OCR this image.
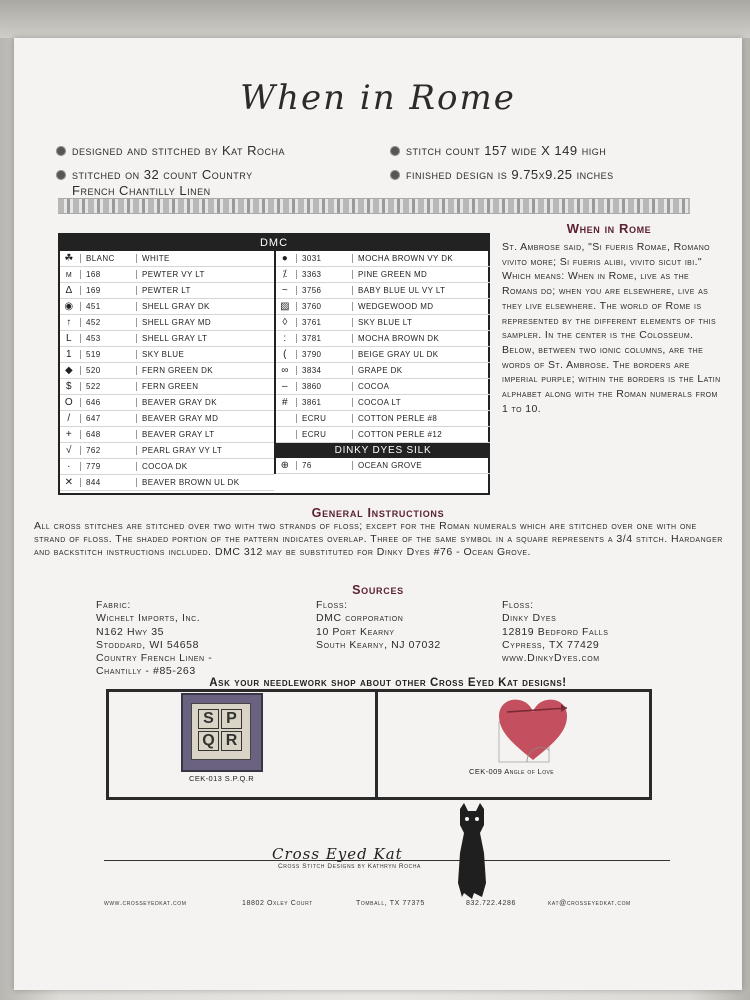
When in Rome
designed and stitched by Kat Rocha	stitch count 157 wide X 149 high
stitched on 32 count Country
French Chantilly Linen
finished design is 9.75x9.25 inches
DMC
☘	BLANC	WHITE
m	168	PEWTER VY LT
Δ	169	PEWTER LT
◉	451	SHELL GRAY DK
↑	452	SHELL GRAY MD
L	453	SHELL GRAY LT
1	519	SKY BLUE
◆	520	FERN GREEN DK
$	522	FERN GREEN
O	646	BEAVER GRAY DK
/	647	BEAVER GRAY MD
+	648	BEAVER GRAY LT
√	762	PEARL GRAY VY LT
·	779	COCOA DK
✕	844	BEAVER BROWN UL DK
●	3031	MOCHA BROWN VY DK
⁒	3363	PINE GREEN MD
~	3756	BABY BLUE UL VY LT
▨	3760	WEDGEWOOD MD
◊	3761	SKY BLUE LT
:	3781	MOCHA BROWN DK
(	3790	BEIGE GRAY UL DK
∞	3834	GRAPE DK
–	3860	COCOA
#	3861	COCOA LT
ECRU	COTTON PERLE #8
ECRU	COTTON PERLE #12
DINKY DYES SILK
⊕	76	OCEAN GROVE
When in Rome
St. Ambrose said, "Si fueris Romae, Romano vivito more; Si fueris alibi, vivito sicut ibi." Which means: When in Rome, live as the Romans do; when you are elsewhere, live as they live elsewhere. The world of Rome is represented by the different elements of this sampler. In the center is the Colosseum. Below, between two ionic columns, are the words of St. Ambrose. The borders are imperial purple; within the borders is the Latin alphabet along with the Roman numerals from 1 to 10.
General Instructions
All cross stitches are stitched over two with two strands of floss; except for the Roman numerals which are stitched over one with one strand of floss. The shaded portion of the pattern indicates overlap. Three of the same symbol in a square represents a 3/4 stitch. Hardanger and backstitch instructions included. DMC 312 may be substituted for Dinky Dyes #76 - Ocean Grove.
Sources
Fabric:
Wichelt Imports, Inc.
N162 Hwy 35
Stoddard, WI 54658
Country French Linen -
Chantilly - #85-263
Floss:
DMC corporation
10 Port Kearny
South Kearny, NJ 07032
Floss:
Dinky Dyes
12819 Bedford Falls
Cypress, TX 77429
www.DinkyDyes.com
Ask your needlework shop about other Cross Eyed Kat designs!
S P
Q R
CEK-013 S.P.Q.R
CEK-009 Angle of Love
Cross Eyed Kat
Cross Stitch Designs by Kathryn Rocha
www.crosseyedkat.com	18802 Oxley Court	Tomball, TX 77375	832.722.4286	kat@crosseyedkat.com
